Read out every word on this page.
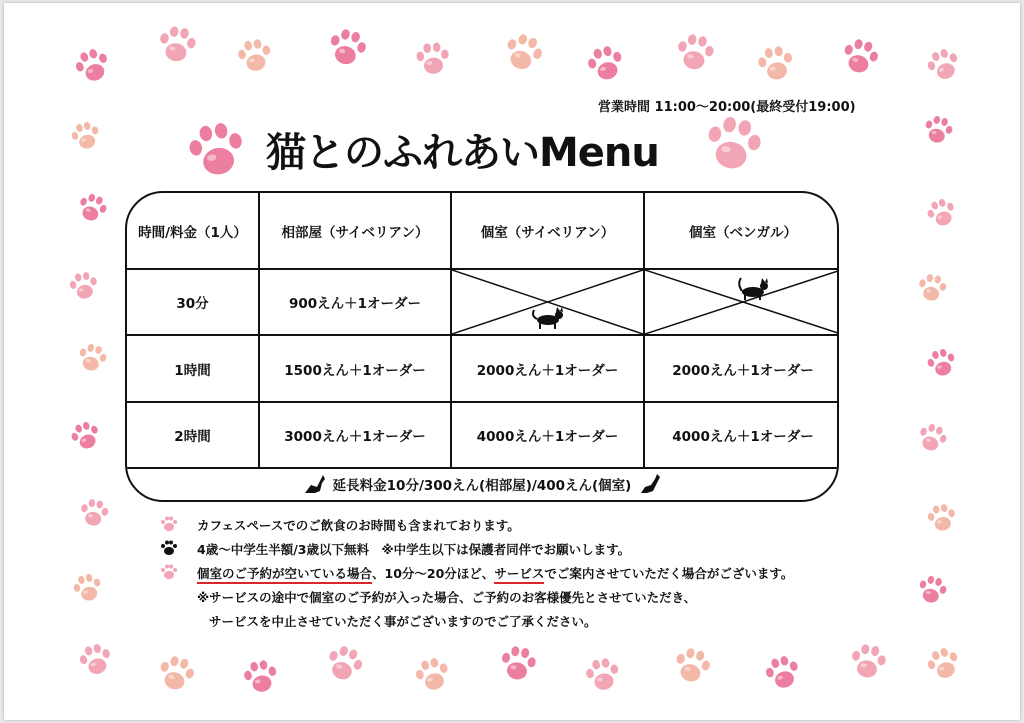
営業時間 11:00～20:00(最終受付19:00)
猫とのふれあいMenu
時間/料金（1人）	相部屋（サイベリアン）	個室（サイベリアン）	個室（ベンガル）
30分	900えん＋1オーダー
1時間	1500えん＋1オーダー	2000えん＋1オーダー	2000えん＋1オーダー
2時間	3000えん＋1オーダー	4000えん＋1オーダー	4000えん＋1オーダー
延長料金10分/300えん(相部屋)/400えん(個室)
カフェスペースでのご飲食のお時間も含まれております。
4歳～中学生半額/3歳以下無料　※中学生以下は保護者同伴でお願いします。
個室のご予約が空いている場合、10分～20分ほど、サービスでご案内させていただく場合がございます。
※サービスの途中で個室のご予約が入った場合、ご予約のお客様優先とさせていただき、
サービスを中止させていただく事がございますのでご了承ください。
